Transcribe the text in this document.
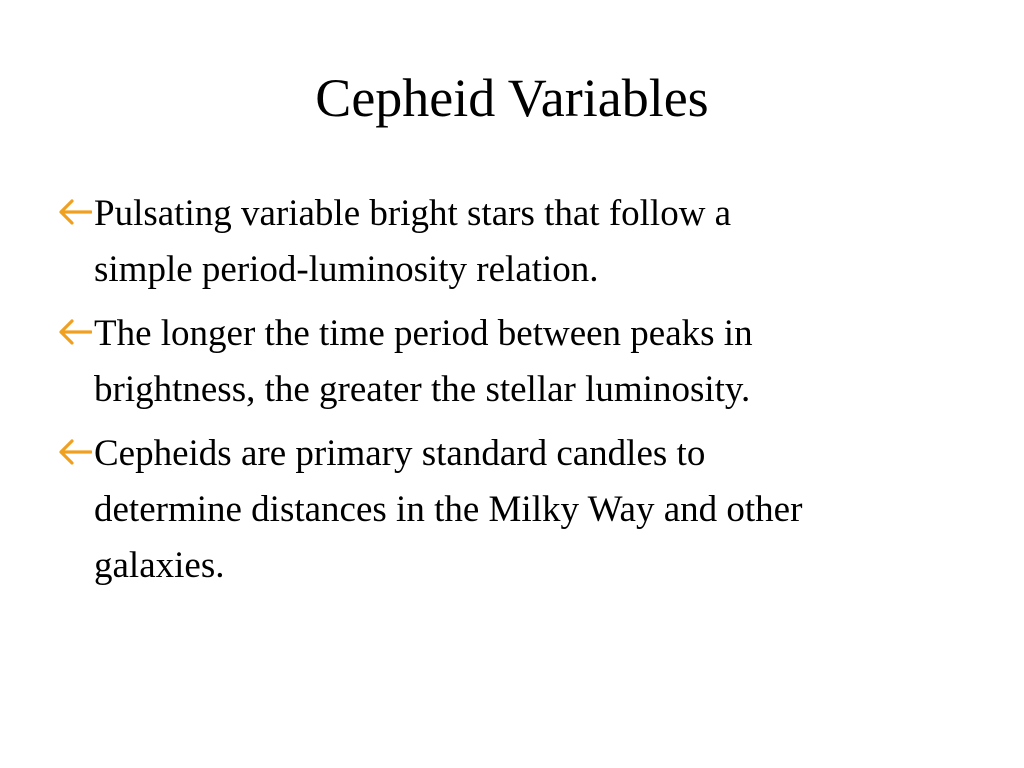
Cepheid Variables
Pulsating variable bright stars that follow a
simple period-luminosity relation.
The longer the time period between peaks in
brightness, the greater the stellar luminosity.
Cepheids are primary standard candles to
determine distances in the Milky Way and other
galaxies.
